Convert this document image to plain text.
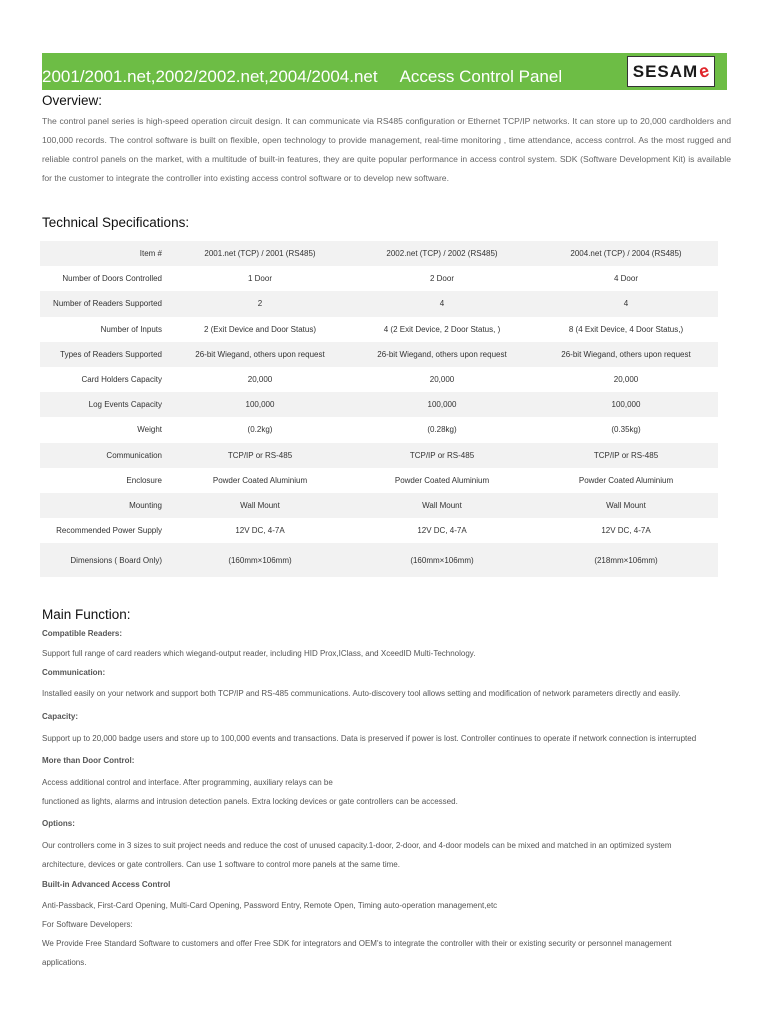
2001/2001.net,2002/2002.net,2004/2004.net Access Control Panel	SESAM
e
Overview:
The control panel series is high-speed operation circuit design. It can communicate via RS485 configuration or Ethernet TCP/IP networks. It can store up to 20,000 cardholders and 100,000 records. The control software is built on flexible, open technology to provide management, real-time monitoring , time attendance, access contrrol. As the most rugged and reliable control panels on the market, with a multitude of built-in features, they are quite popular performance in access control system. SDK (Software Development Kit) is available for the customer to integrate the controller into existing access control software or to develop new software.
Technical Specifications:
Item #	2001.net (TCP) / 2001 (RS485)	2002.net (TCP) / 2002 (RS485)	2004.net (TCP) / 2004 (RS485)
Number of Doors Controlled	1 Door	2 Door	4 Door
Number of Readers Supported	2	4	4
Number of Inputs	2 (Exit Device and Door Status)	4 (2 Exit Device, 2 Door Status, )	8 (4 Exit Device, 4 Door Status,)
Types of Readers Supported	26-bit Wiegand, others upon request	26-bit Wiegand, others upon request	26-bit Wiegand, others upon request
Card Holders Capacity	20,000	20,000	20,000
Log Events Capacity	100,000	100,000	100,000
Weight	(0.2kg)	(0.28kg)	(0.35kg)
Communication	TCP/IP or RS-485	TCP/IP or RS-485	TCP/IP or RS-485
Enclosure	Powder Coated Aluminium	Powder Coated Aluminium	Powder Coated Aluminium
Mounting	Wall Mount	Wall Mount	Wall Mount
Recommended Power Supply	12V DC, 4-7A	12V DC, 4-7A	12V DC, 4-7A
Dimensions ( Board Only)	(160mm×106mm)	(160mm×106mm)	(218mm×106mm)
Main Function:
Compatible Readers:
Support full range of card readers which wiegand-output reader, including HID Prox,IClass, and XceedID Multi-Technology.
Communication:
Installed easily on your network and support both TCP/IP and RS-485 communications. Auto-discovery tool allows setting and modification of network parameters directly and easily.
Capacity:
Support up to 20,000 badge users and store up to 100,000 events and transactions. Data is preserved if power is lost. Controller continues to operate if network connection is interrupted
More than Door Control:
Access additional control and interface. After programming, auxiliary relays can be
functioned as lights, alarms and intrusion detection panels. Extra locking devices or gate controllers can be accessed.
Options:
Our controllers come in 3 sizes to suit project needs and reduce the cost of unused capacity.1-door, 2-door, and 4-door models can be mixed and matched in an optimized system
architecture, devices or gate controllers. Can use 1 software to control more panels at the same time.
Built-in Advanced Access Control
Anti-Passback, First-Card Opening, Multi-Card Opening, Password Entry, Remote Open, Timing auto-operation management,etc
For Software Developers:
We Provide Free Standard Software to customers and offer Free SDK for integrators and OEM's to integrate the controller with their or existing security or personnel management
applications.
